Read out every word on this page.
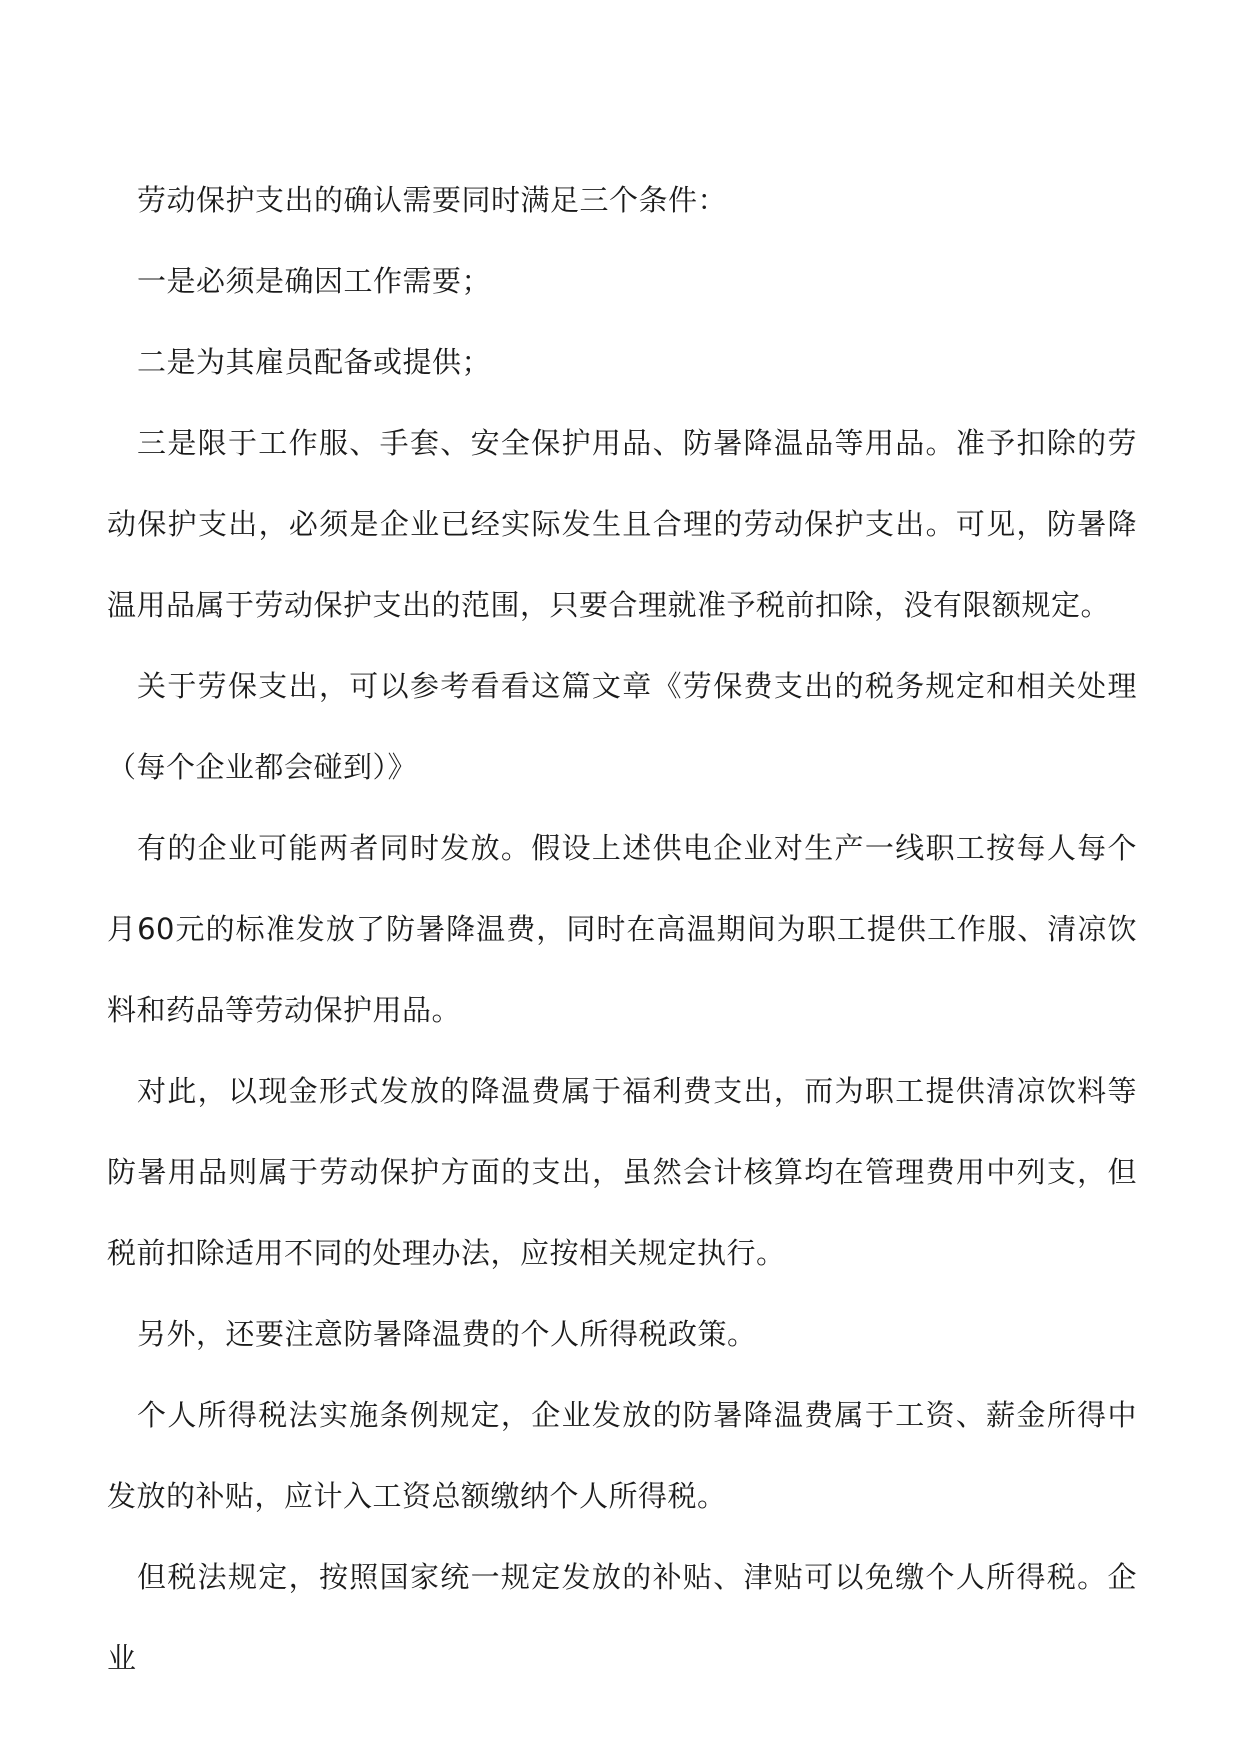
劳动保护支出的确认需要同时满足三个条件：

一是必须是确因工作需要；

二是为其雇员配备或提供；

三是限于工作服、手套、安全保护用品、防暑降温品等用品。准予扣除的劳动保护支出，必须是企业已经实际发生且合理的劳动保护支出。可见，防暑降温用品属于劳动保护支出的范围，只要合理就准予税前扣除，没有限额规定。

关于劳保支出，可以参考看看这篇文章《劳保费支出的税务规定和相关处理（每个企业都会碰到）》

有的企业可能两者同时发放。假设上述供电企业对生产一线职工按每人每个月60元的标准发放了防暑降温费，同时在高温期间为职工提供工作服、清凉饮料和药品等劳动保护用品。

对此，以现金形式发放的降温费属于福利费支出，而为职工提供清凉饮料等防暑用品则属于劳动保护方面的支出，虽然会计核算均在管理费用中列支，但税前扣除适用不同的处理办法，应按相关规定执行。

另外，还要注意防暑降温费的个人所得税政策。

个人所得税法实施条例规定，企业发放的防暑降温费属于工资、薪金所得中发放的补贴，应计入工资总额缴纳个人所得税。

但税法规定，按照国家统一规定发放的补贴、津贴可以免缴个人所得税。企业
